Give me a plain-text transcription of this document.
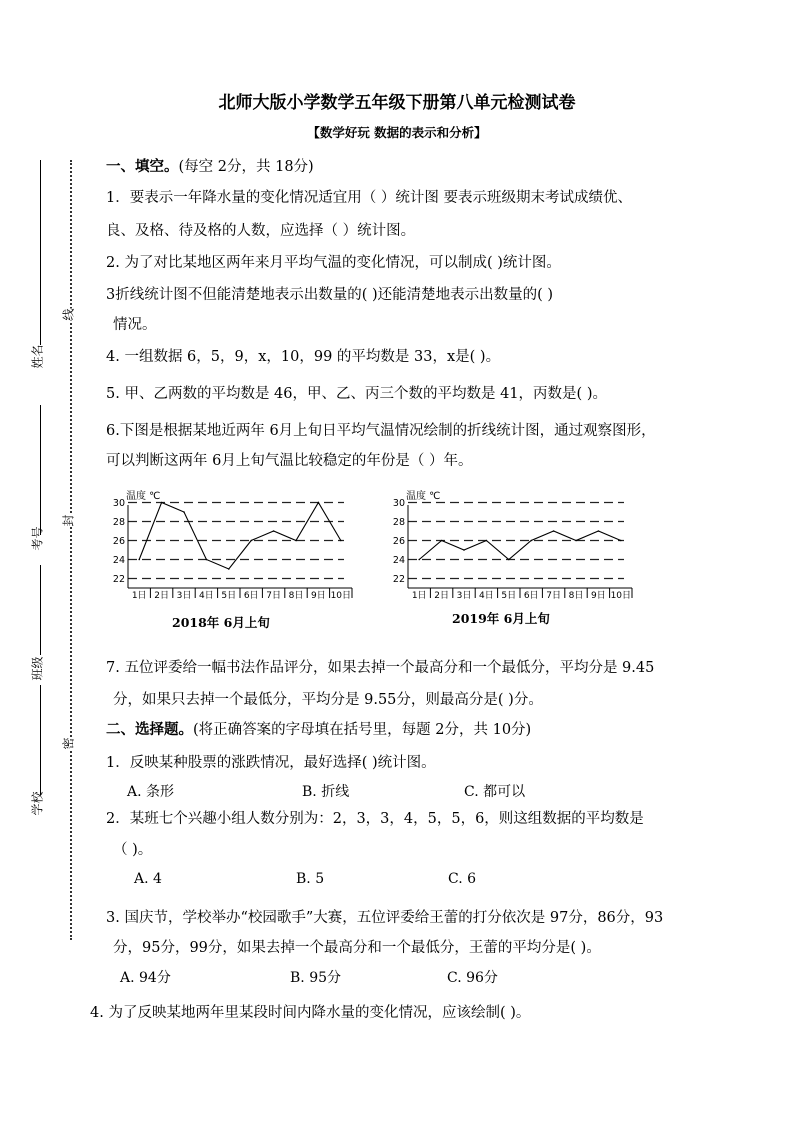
姓名
考号
班级
学校
线
封
密
北师大版小学数学五年级下册第八单元检测试卷
【数学好玩 数据的表示和分析】
一、填空。(每空 2分，共 18分)
1．要表示一年降水量的变化情况适宜用（ ）统计图 要表示班级期末考试成绩优、
良、及格、待及格的人数，应选择（ ）统计图。
2. 为了对比某地区两年来月平均气温的变化情况，可以制成( )统计图。
3折线统计图不但能清楚地表示出数量的( )还能清楚地表示出数量的( )
情况。
4. 一组数据 6，5，9，x，10，99 的平均数是 33，x是( )。
5. 甲、乙两数的平均数是 46，甲、乙、丙三个数的平均数是 41，丙数是( )。
6.下图是根据某地近两年 6月上旬日平均气温情况绘制的折线统计图，通过观察图形，
可以判断这两年 6月上旬气温比较稳定的年份是（ ）年。
温度 ℃
22
24
26
28
30
1日 2日 3日 4日 5日 6日 7日 8日 9日 10日
温度 ℃
22
24
26
28
30
1日 2日 3日 4日 5日 6日 7日 8日 9日 10日
2018年 6月上旬	2019年 6月上旬
7. 五位评委给一幅书法作品评分，如果去掉一个最高分和一个最低分，平均分是 9.45
分，如果只去掉一个最低分，平均分是 9.55分，则最高分是( )分。
二、选择题。(将正确答案的字母填在括号里，每题 2分，共 10分)
1．反映某种股票的涨跌情况，最好选择( )统计图。
A. 条形	B. 折线	C. 都可以
2．某班七个兴趣小组人数分别为：2，3，3，4，5，5，6，则这组数据的平均数是
（ )。
A. 4	B. 5	C. 6
3. 国庆节，学校举办“校园歌手”大赛，五位评委给王蕾的打分依次是 97分，86分，93
分，95分，99分，如果去掉一个最高分和一个最低分，王蕾的平均分是( )。
A. 94分	B. 95分	C. 96分
4. 为了反映某地两年里某段时间内降水量的变化情况，应该绘制( )。
